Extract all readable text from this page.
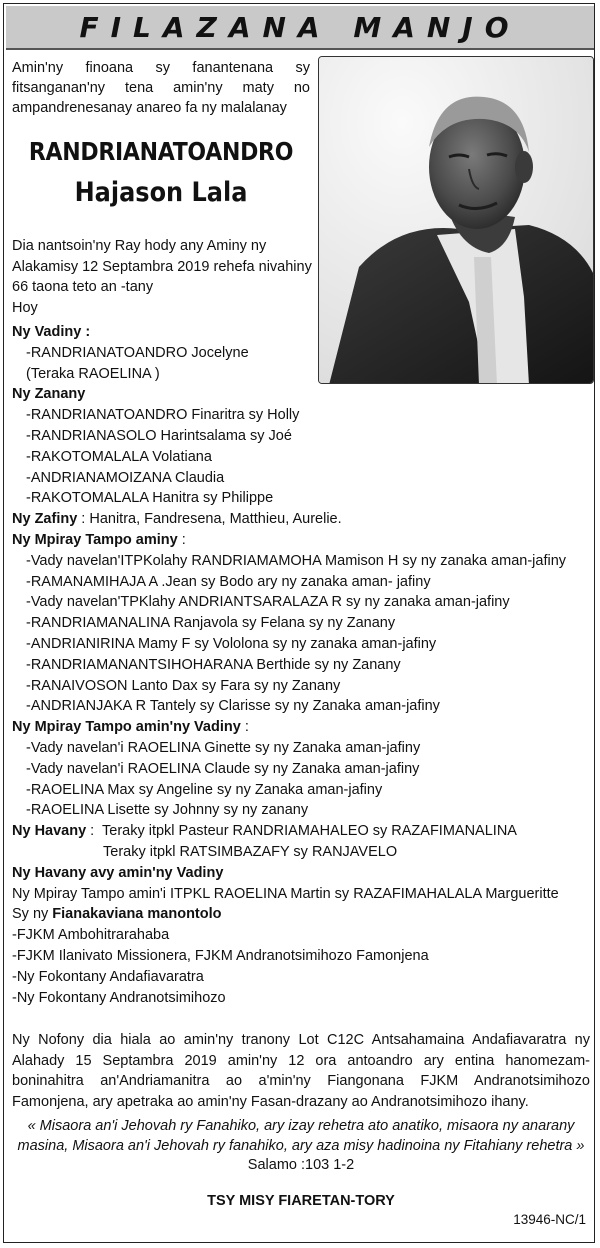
FILAZANA MANJO
Amin'ny finoana sy fanantenana sy fitsanganan'ny tena amin'ny maty no ampandrenesanay anareo fa ny malalanay
RANDRIANATOANDRO
Hajason Lala
Dia nantsoin'ny Ray hody any Aminy ny
Alakamisy 12 Septambra 2019 rehefa nivahiny
66 taona teto an -tany
Hoy
Ny Vadiny :
-RANDRIANATOANDRO Jocelyne
(Teraka RAOELINA )
Ny Zanany
-RANDRIANATOANDRO Finaritra sy Holly
-RANDRIANASOLO Harintsalama sy Joé
-RAKOTOMALALA Volatiana
-ANDRIANAMOIZANA Claudia
-RAKOTOMALALA Hanitra sy Philippe
Ny Zafiny : Hanitra, Fandresena, Matthieu, Aurelie.
Ny Mpiray Tampo aminy :
-Vady navelan'ITPKolahy RANDRIAMAMOHA Mamison H sy ny zanaka aman-jafiny
-RAMANAMIHAJA A .Jean sy Bodo ary ny zanaka aman- jafiny
-Vady navelan'TPKlahy ANDRIANTSARALAZA R sy ny zanaka aman-jafiny
-RANDRIAMANALINA Ranjavola sy Felana sy ny Zanany
-ANDRIANIRINA Mamy F sy Vololona sy ny zanaka aman-jafiny
-RANDRIAMANANTSIHOHARANA Berthide sy ny Zanany
-RANAIVOSON Lanto Dax sy Fara sy ny Zanany
-ANDRIANJAKA R Tantely sy Clarisse sy ny Zanaka aman-jafiny
Ny Mpiray Tampo amin'ny Vadiny :
-Vady navelan'i RAOELINA Ginette sy ny Zanaka aman-jafiny
-Vady navelan'i RAOELINA Claude sy ny Zanaka aman-jafiny
-RAOELINA Max sy Angeline sy ny Zanaka aman-jafiny
-RAOELINA Lisette sy Johnny sy ny zanany
Ny Havany :  Teraky itpkl Pasteur RANDRIAMAHALEO sy RAZAFIMANALINA
Teraky itpkl RATSIMBAZAFY sy RANJAVELO
Ny Havany avy amin'ny Vadiny
Ny Mpiray Tampo amin'i ITPKL RAOELINA Martin sy RAZAFIMAHALALA Margueritte
Sy ny Fianakaviana manontolo
-FJKM Ambohitrarahaba
-FJKM Ilanivato Missionera, FJKM Andranotsimihozo Famonjena
-Ny Fokontany Andafiavaratra
-Ny Fokontany Andranotsimihozo
Ny Nofony dia hiala ao amin'ny tranony Lot C12C Antsahamaina Andafiavaratra ny Alahady 15 Septambra 2019 amin'ny 12 ora antoandro ary entina hanomezam-boninahitra an'Andriamanitra ao a'min'ny Fiangonana FJKM Andranotsimihozo Famonjena, ary apetraka ao amin'ny Fasan-drazany ao Andranotsimihozo ihany.
« Misaora an'i Jehovah ry Fanahiko, ary izay rehetra ato anatiko, misaora ny anarany masina, Misaora an'i Jehovah ry fanahiko, ary aza misy hadinoina ny Fitahiany rehetra »
Salamo :103 1-2
TSY MISY FIARETAN-TORY
13946-NC/1
